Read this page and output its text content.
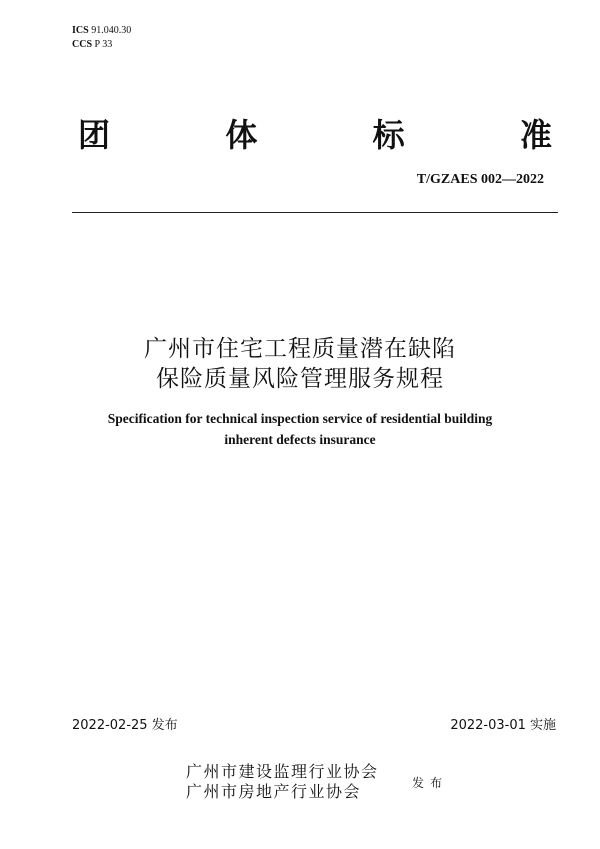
ICS 91.040.30
CCS P 33
团	体	标	准
T/GZAES 002—2022
广州市住宅工程质量潜在缺陷
保险质量风险管理服务规程
Specification for technical inspection service of residential building
inherent defects insurance
2022-02-25 发布	2022-03-01 实施
广州市建设监理行业协会
广州市房地产行业协会	发布
